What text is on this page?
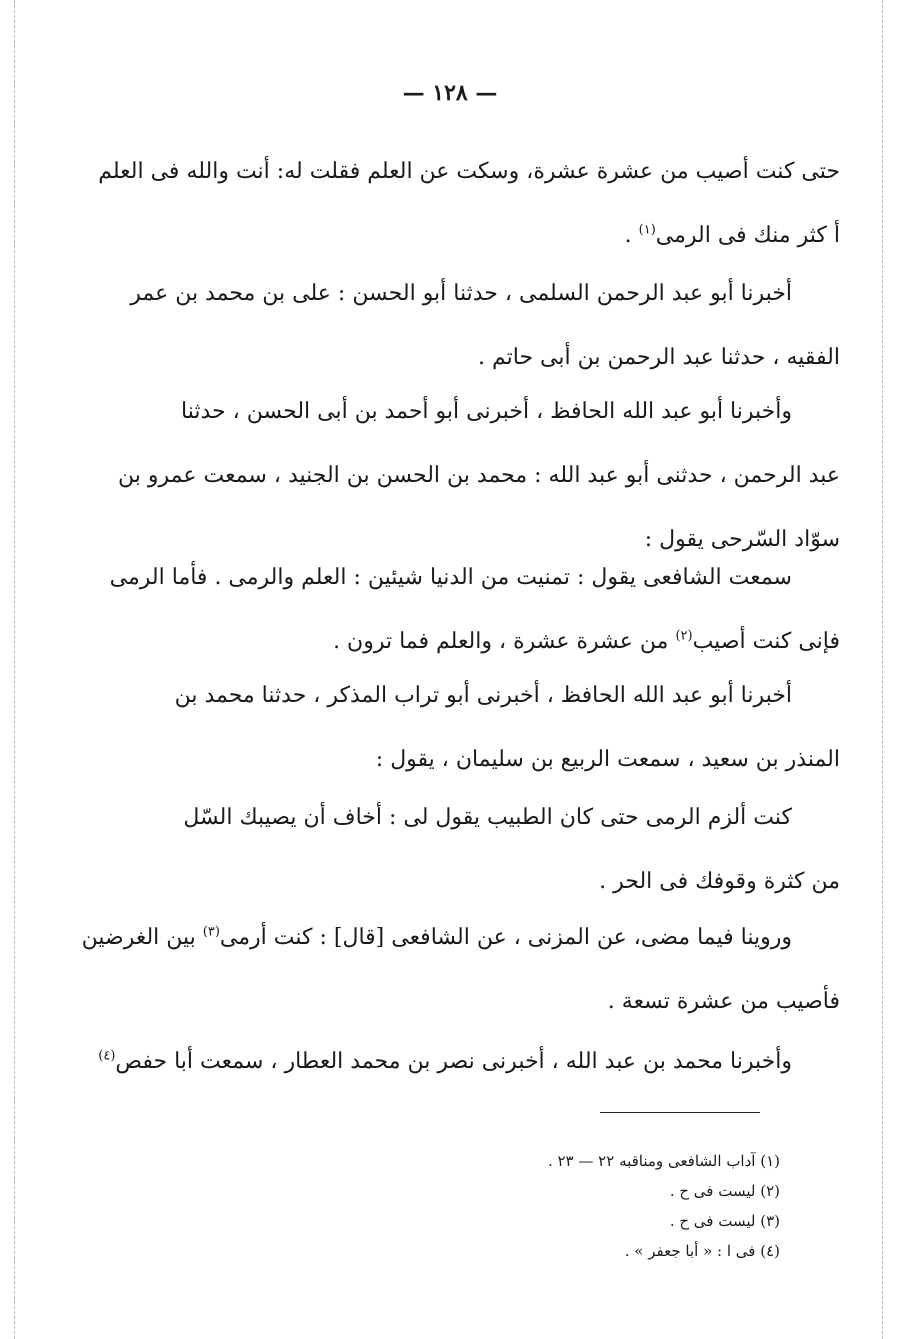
— ١٢٨ —
حتى كنت أصيب من عشرة عشرة، وسكت عن العلم فقلت له: أنت والله فى العلم
أ كثر منك فى الرمى$^{(١)}$ .
أخبرنا أبو عبد الرحمن السلمى ، حدثنا أبو الحسن : على بن محمد بن عمر
الفقيه ، حدثنا عبد الرحمن بن أبى حاتم .
وأخبرنا أبو عبد الله الحافظ ، أخبرنى أبو أحمد بن أبى الحسن ، حدثنا
عبد الرحمن ، حدثنى أبو عبد الله : محمد بن الحسن بن الجنيد ، سمعت عمرو بن
سوّاد السّرحى يقول :
سمعت الشافعى يقول : تمنيت من الدنيا شيئين : العلم والرمى . فأما الرمى
فإنى كنت أصيب$^{(٢)}$ من عشرة عشرة ، والعلم فما ترون .
أخبرنا أبو عبد الله الحافظ ، أخبرنى أبو تراب المذكر ، حدثنا محمد بن
المنذر بن سعيد ، سمعت الربيع بن سليمان ، يقول :
كنت ألزم الرمى حتى كان الطبيب يقول لى : أخاف أن يصيبك السّل
من كثرة وقوفك فى الحر .
وروينا فيما مضى، عن المزنى ، عن الشافعى [قال] : كنت أرمى$^{(٣)}$ بين الغرضين
فأصيب من عشرة تسعة .
وأخبرنا محمد بن عبد الله ، أخبرنى نصر بن محمد العطار ، سمعت أبا حفص$^{(٤)}$
(١) آداب الشافعى ومناقبه ٢٢ — ٢٣ .
(٢) ليست فى ح .
(٣) ليست فى ح .
(٤) فى ا : « أبا جعفر » .
